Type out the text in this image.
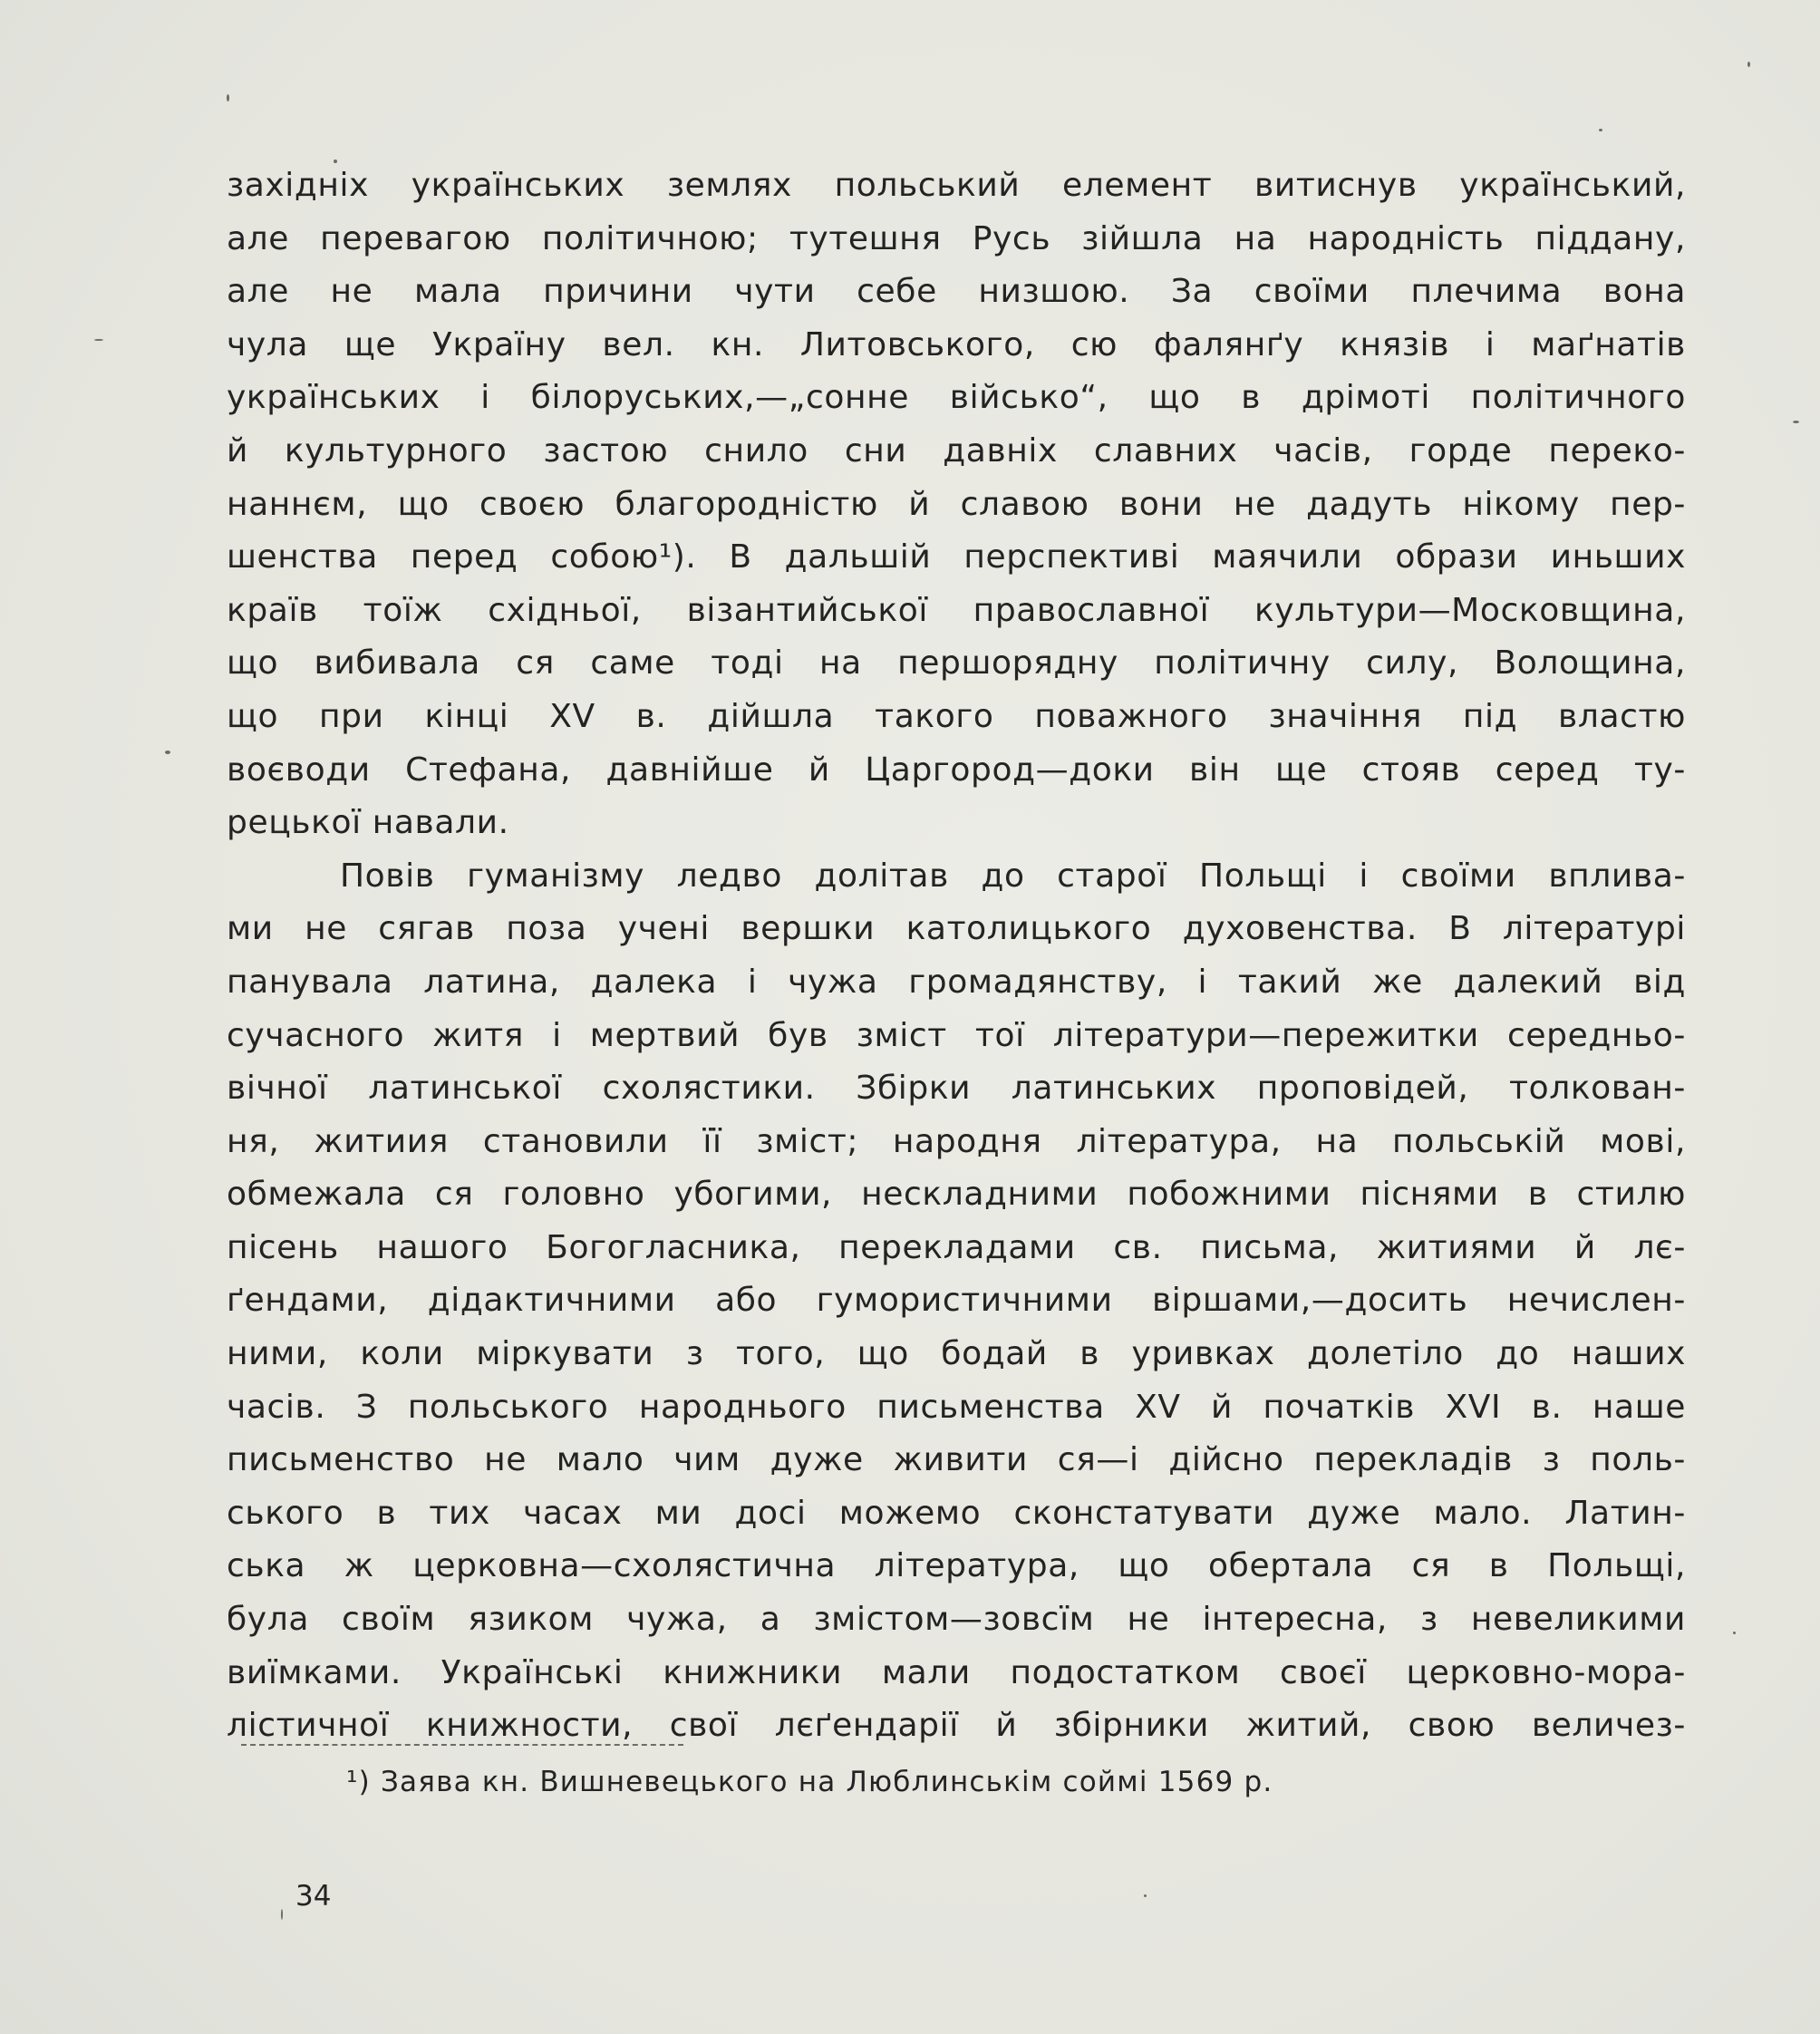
західніх українських землях польський елемент витиснув український,
але перевагою політичною; тутешня Русь зійшла на народність піддану,
але не мала причини чути себе низшою. За своїми плечима вона
чула ще Україну вел. кн. Литовського, сю фалянґу князів і маґнатів
українських і білоруських,—„сонне військо“, що в дрімоті політичного
й культурного застою снило сни давніх славних часів, горде переко-
наннєм, що своєю благородністю й славою вони не дадуть нікому пер-
шенства перед собою¹). В дальшій перспективі маячили образи иньших
країв тоїж східньої, візантийської православної культури—Московщина,
що вибивала ся саме тоді на першорядну політичну силу, Волощина,
що при кінці XV в. дійшла такого поважного значіння під властю
воєводи Стефана, давнійше й Царгород—доки він ще стояв серед ту-
рецької навали.
Повів гуманізму ледво долітав до старої Польщі і своїми вплива-
ми не сягав поза учені вершки католицького духовенства. В літературі
панувала латина, далека і чужа громадянству, і такий же далекий від
сучасного житя і мертвий був зміст тої літератури—пережитки середньо-
вічної латинської схолястики. Збірки латинських проповідей, толкован-
ня, житиия становили її зміст; народня література, на польській мові,
обмежала ся головно убогими, нескладними побожними піснями в стилю
пісень нашого Богогласника, перекладами св. письма, житиями й лє-
ґендами, дідактичними або гумористичними віршами,—досить нечислен-
ними, коли міркувати з того, що бодай в уривках долетіло до наших
часів. З польського народнього письменства XV й початків XVI в. наше
письменство не мало чим дуже живити ся—і дійсно перекладів з поль-
ського в тих часах ми досі можемо сконстатувати дуже мало. Латин-
ська ж церковна—схолястична література, що обертала ся в Польщі,
була своїм язиком чужа, а змістом—зовсїм не інтересна, з невеликими
виїмками. Українські книжники мали подостатком своєї церковно-мора-
лістичної книжности, свої лєґендарії й збірники житий, свою величез-
¹) Заява кн. Вишневецького на Люблинськім соймі 1569 р.
34
